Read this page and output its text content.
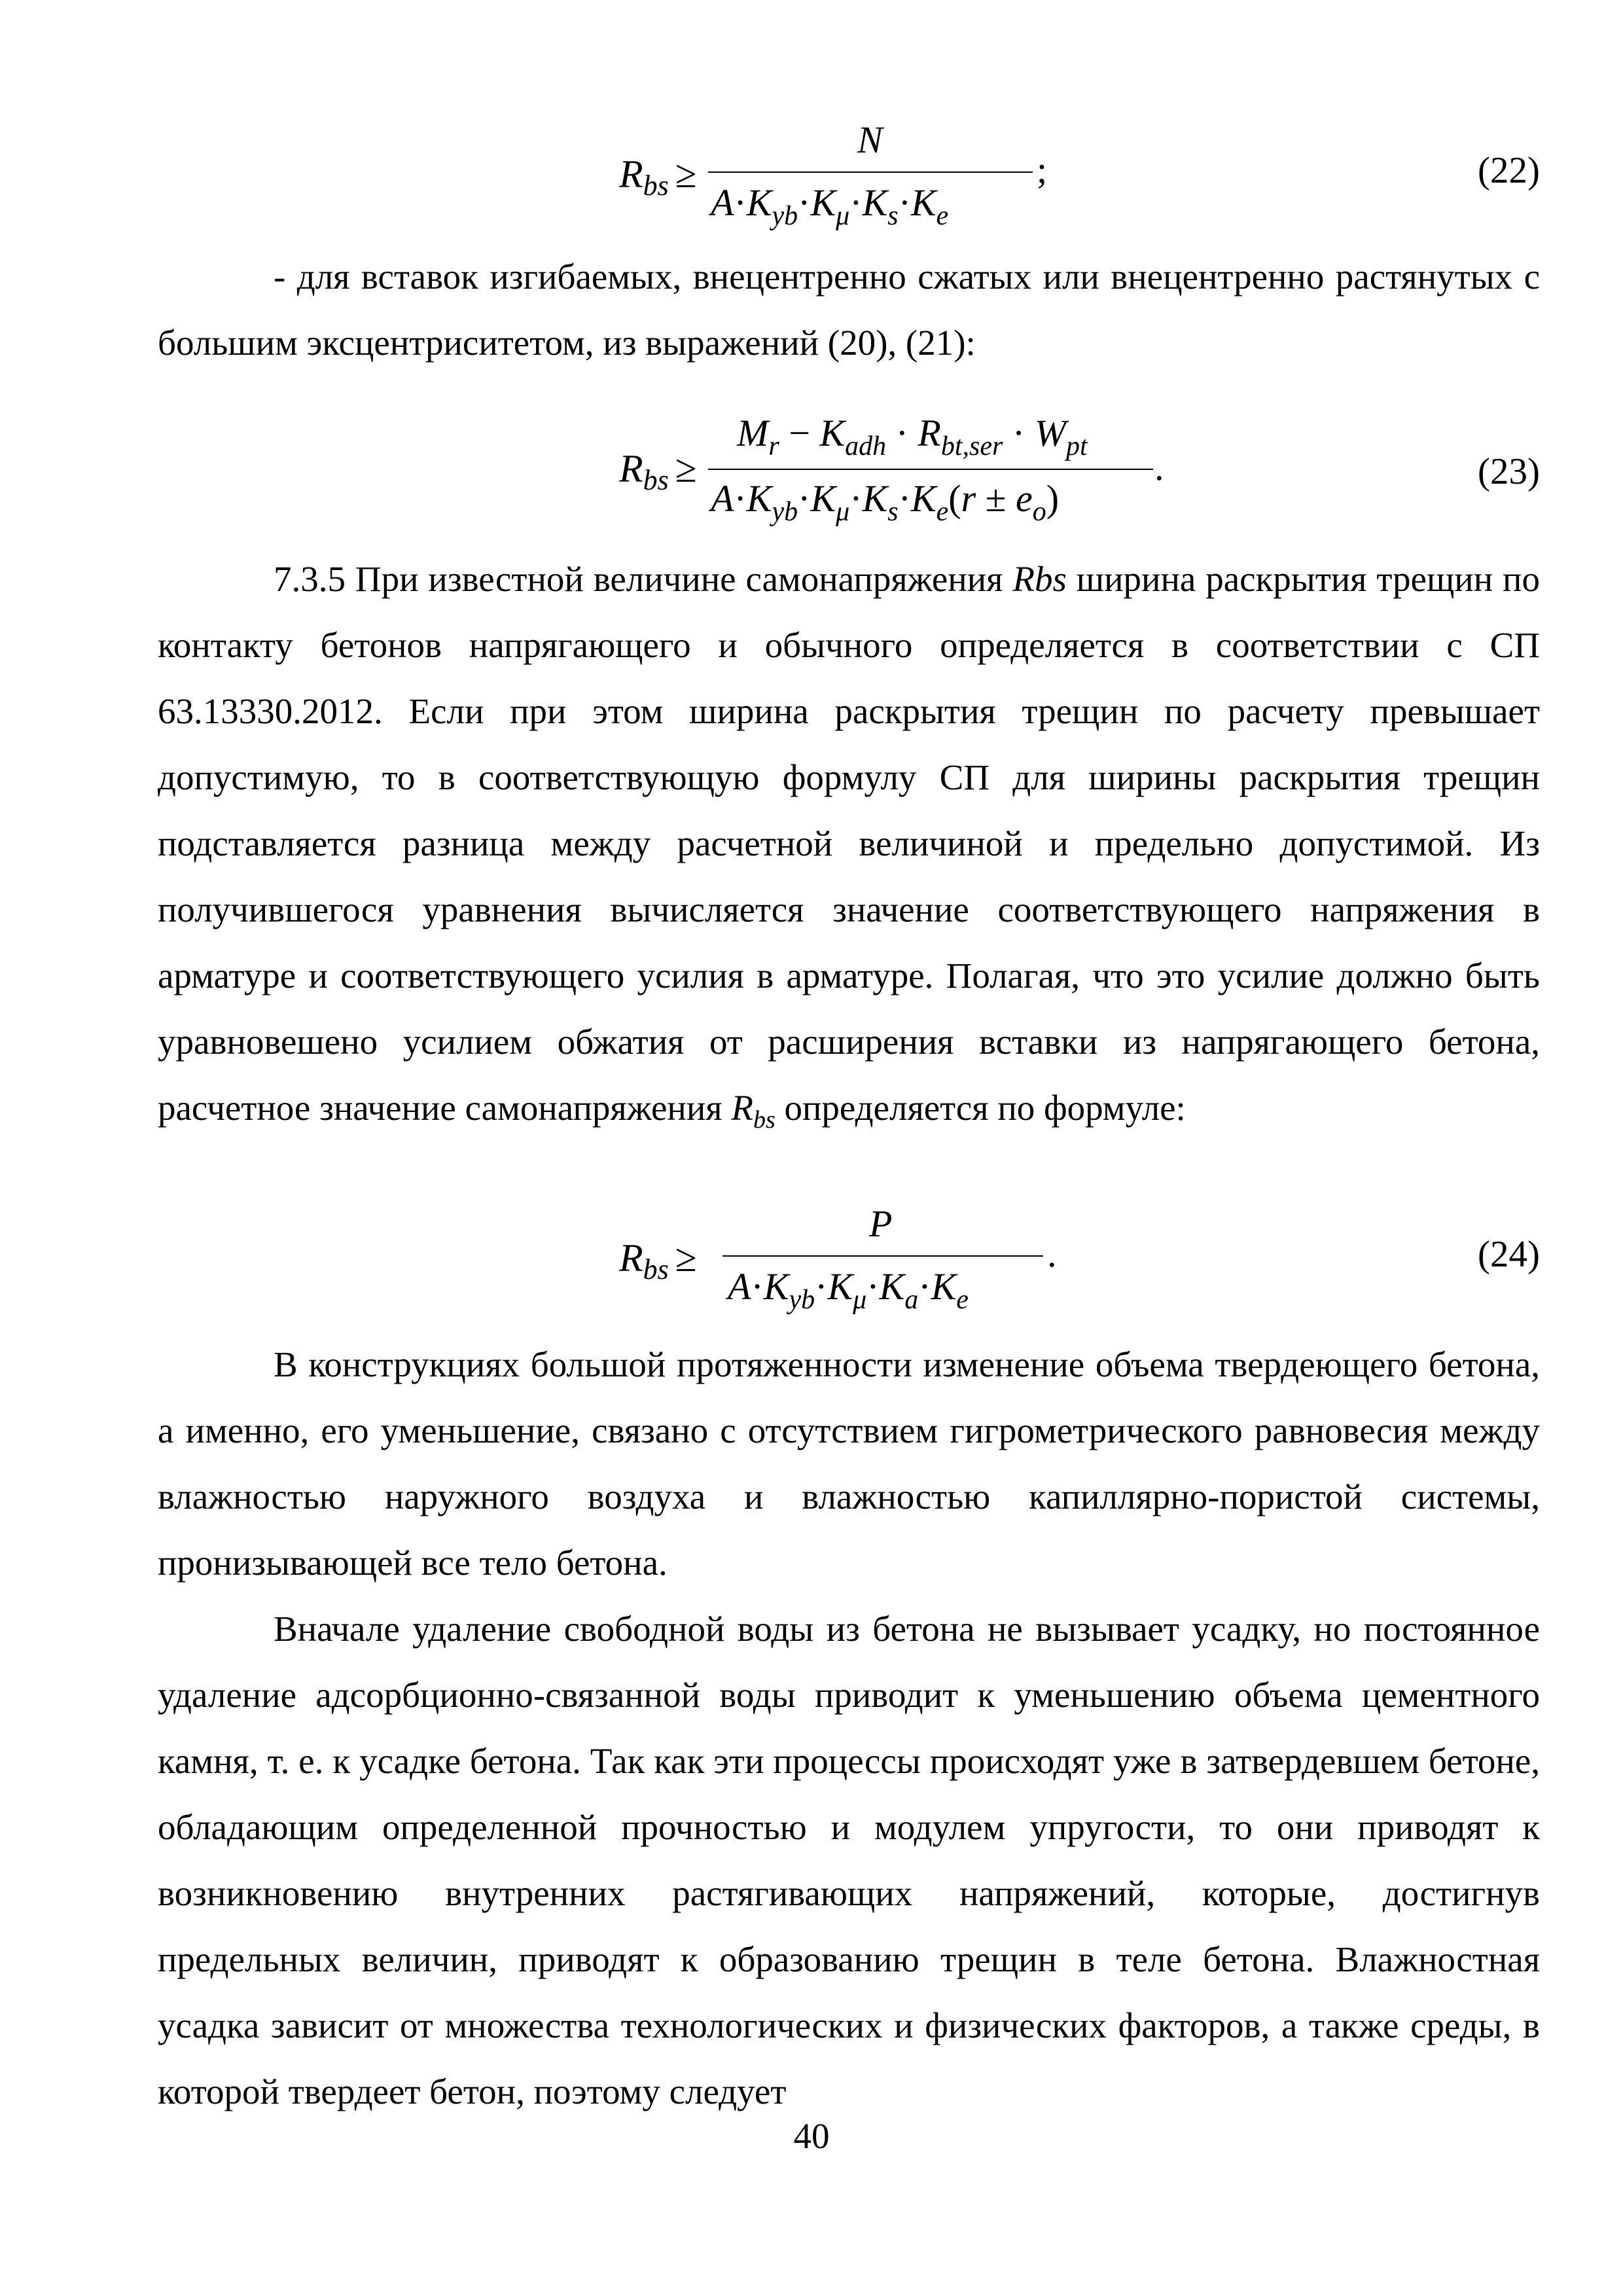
$R_{bs}$ ≥
N
$A\cdot K_{yb}\cdot K_\mu\cdot K_s\cdot K_e$
;	(22)

- для вставок изгибаемых, внецентренно сжатых или внецентренно растянутых с большим эксцентриситетом, из выражений (20), (21):

$R_{bs}$ ≥
$M_r - K_{adh} \cdot R_{bt,ser} \cdot W_{pt}$
$A\cdot K_{yb}\cdot K_\mu\cdot K_s\cdot K_e(r \pm e_o)$
.	(23)

7.3.5 При известной величине самонапряжения Rbs ширина раскрытия трещин по контакту бетонов напрягающего и обычного определяется в соответствии с СП 63.13330.2012. Если при этом ширина раскрытия трещин по расчету превышает допустимую, то в соответствующую формулу СП для ширины раскрытия трещин подставляется разница между расчетной величиной и предельно допустимой. Из получившегося уравнения вычисляется значение соответствующего напряжения в арматуре и соответствующего усилия в арматуре. Полагая, что это усилие должно быть уравновешено усилием обжатия от расширения вставки из напрягающего бетона, расчетное значение самонапряжения $R_{bs}$ определяется по формуле:

$R_{bs}$ ≥
P
$A\cdot K_{yb}\cdot K_\mu\cdot K_a\cdot K_e$
.	(24)

В конструкциях большой протяженности изменение объема твердеющего бетона, а именно, его уменьшение, связано с отсутствием гигрометрического равновесия между влажностью наружного воздуха и влажностью капиллярно-пористой системы, пронизывающей все тело бетона.

Вначале удаление свободной воды из бетона не вызывает усадку, но постоянное удаление адсорбционно-связанной воды приводит к уменьшению объема цементного камня, т. е. к усадке бетона. Так как эти процессы происходят уже в затвердевшем бетоне, обладающим определенной прочностью и модулем упругости, то они приводят к возникновению внутренних растягивающих напряжений, которые, достигнув предельных величин, приводят к образованию трещин в теле бетона. Влажностная усадка зависит от множества технологических и физических факторов, а также среды, в которой твердеет бетон, поэтому следует

40
